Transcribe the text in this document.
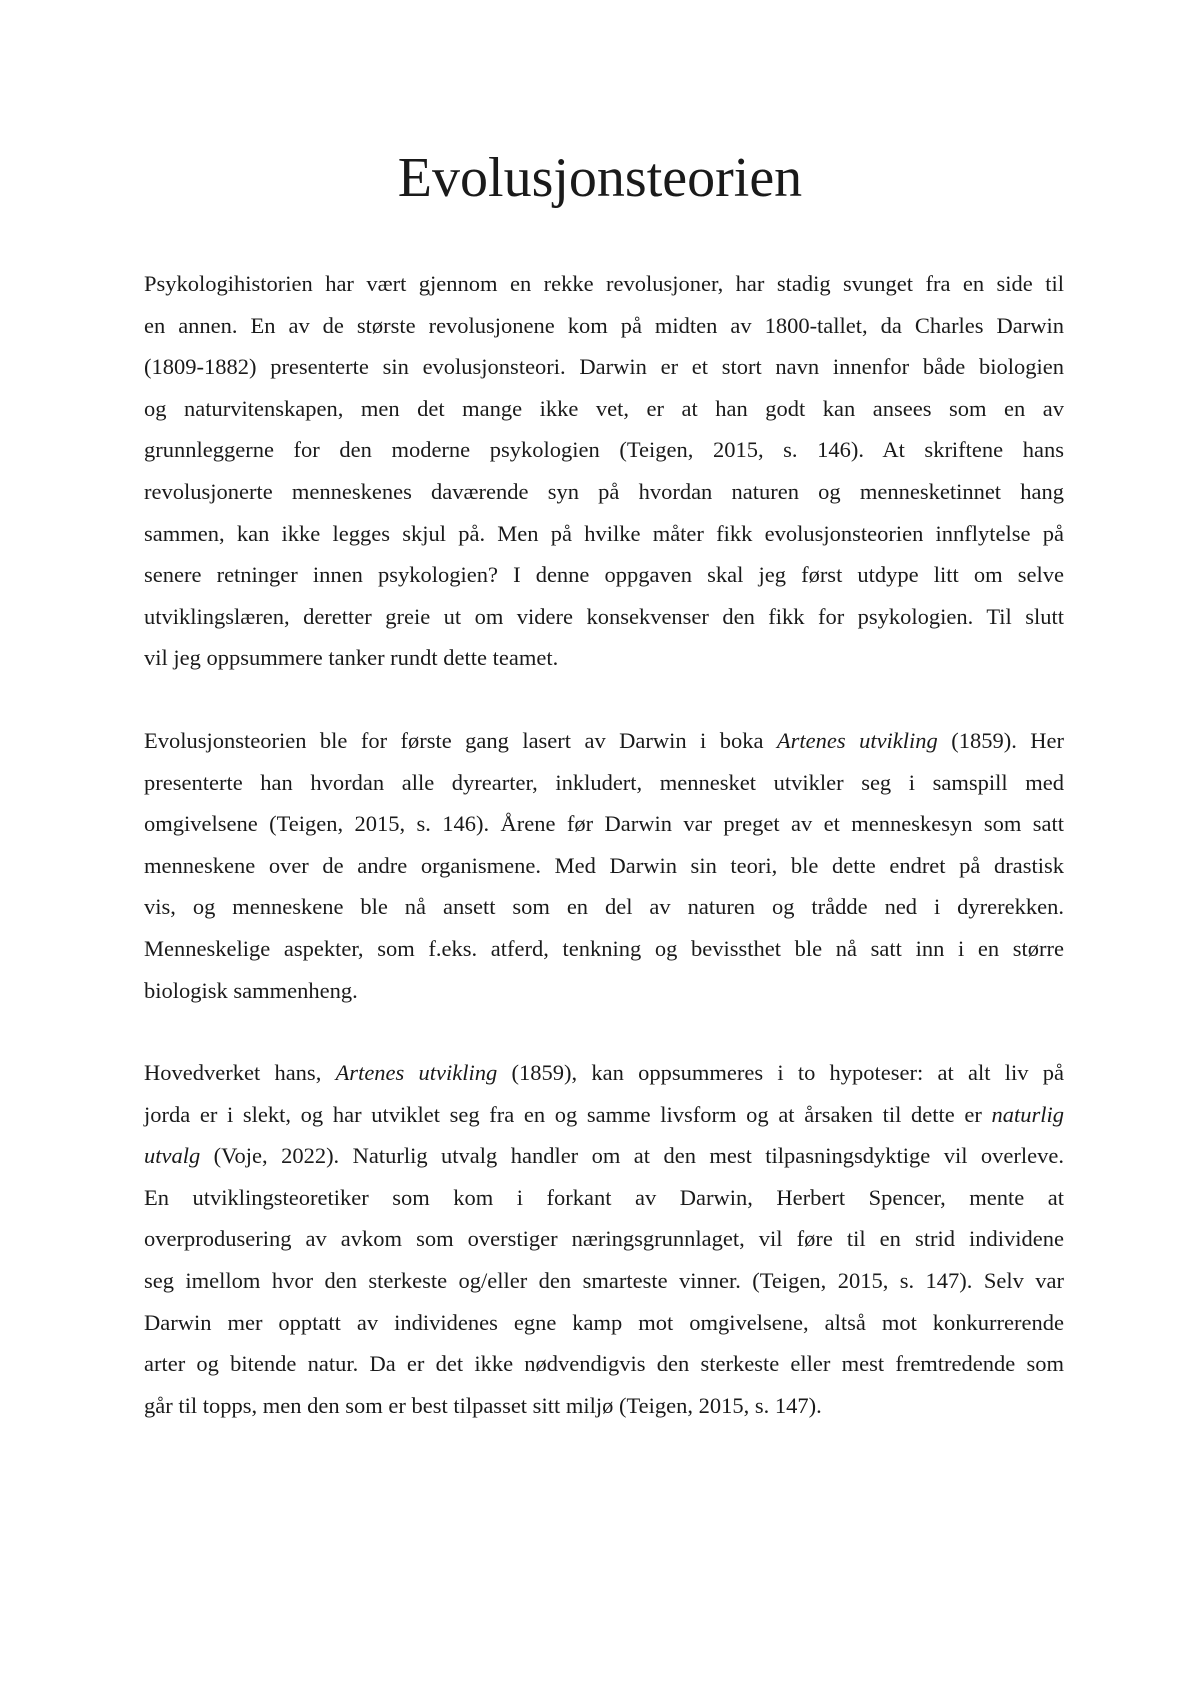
Evolusjonsteorien

Psykologihistorien har vært gjennom en rekke revolusjoner, har stadig svunget fra en side til
en annen. En av de største revolusjonene kom på midten av 1800-tallet, da Charles Darwin
(1809-1882) presenterte sin evolusjonsteori. Darwin er et stort navn innenfor både biologien
og naturvitenskapen, men det mange ikke vet, er at han godt kan ansees som en av
grunnleggerne for den moderne psykologien (Teigen, 2015, s. 146). At skriftene hans
revolusjonerte menneskenes daværende syn på hvordan naturen og mennesketinnet hang
sammen, kan ikke legges skjul på. Men på hvilke måter fikk evolusjonsteorien innflytelse på
senere retninger innen psykologien? I denne oppgaven skal jeg først utdype litt om selve
utviklingslæren, deretter greie ut om videre konsekvenser den fikk for psykologien. Til slutt
vil jeg oppsummere tanker rundt dette teamet.

Evolusjonsteorien ble for første gang lasert av Darwin i boka Artenes utvikling (1859). Her
presenterte han hvordan alle dyrearter, inkludert, mennesket utvikler seg i samspill med
omgivelsene (Teigen, 2015, s. 146). Årene før Darwin var preget av et menneskesyn som satt
menneskene over de andre organismene. Med Darwin sin teori, ble dette endret på drastisk
vis, og menneskene ble nå ansett som en del av naturen og trådde ned i dyrerekken.
Menneskelige aspekter, som f.eks. atferd, tenkning og bevissthet ble nå satt inn i en større
biologisk sammenheng.

Hovedverket hans, Artenes utvikling (1859), kan oppsummeres i to hypoteser: at alt liv på
jorda er i slekt, og har utviklet seg fra en og samme livsform og at årsaken til dette er naturlig
utvalg (Voje, 2022). Naturlig utvalg handler om at den mest tilpasningsdyktige vil overleve.
En utviklingsteoretiker som kom i forkant av Darwin, Herbert Spencer, mente at
overprodusering av avkom som overstiger næringsgrunnlaget, vil føre til en strid individene
seg imellom hvor den sterkeste og/eller den smarteste vinner. (Teigen, 2015, s. 147). Selv var
Darwin mer opptatt av individenes egne kamp mot omgivelsene, altså mot konkurrerende
arter og bitende natur. Da er det ikke nødvendigvis den sterkeste eller mest fremtredende som
går til topps, men den som er best tilpasset sitt miljø (Teigen, 2015, s. 147).
